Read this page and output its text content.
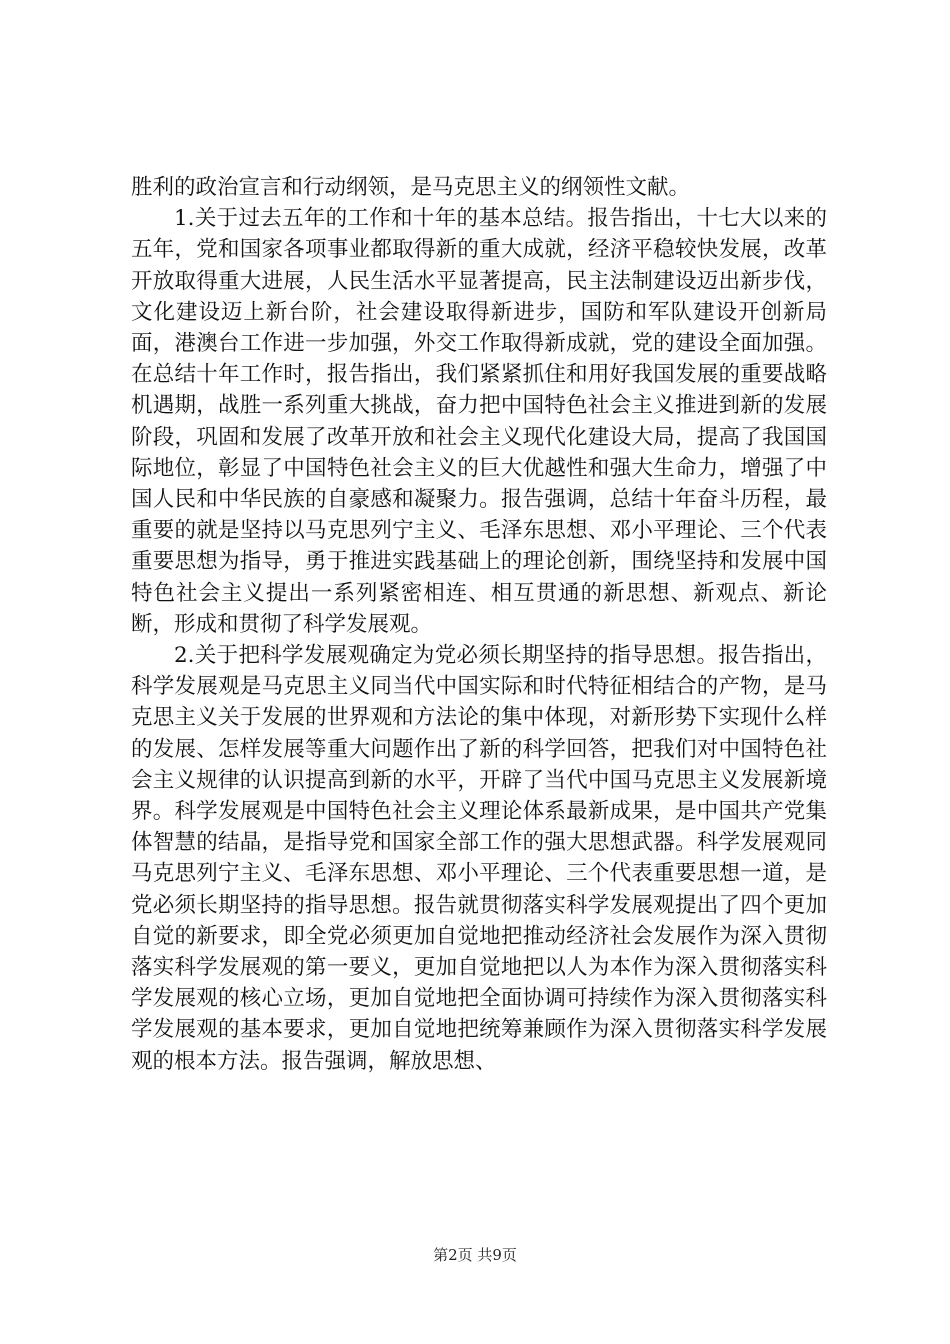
胜利的政治宣言和行动纲领，是马克思主义的纲领性文献。

1.关于过去五年的工作和十年的基本总结。报告指出，十七大以来的五年，党和国家各项事业都取得新的重大成就，经济平稳较快发展，改革开放取得重大进展，人民生活水平显著提高，民主法制建设迈出新步伐，文化建设迈上新台阶，社会建设取得新进步，国防和军队建设开创新局面，港澳台工作进一步加强，外交工作取得新成就，党的建设全面加强。在总结十年工作时，报告指出，我们紧紧抓住和用好我国发展的重要战略机遇期，战胜一系列重大挑战，奋力把中国特色社会主义推进到新的发展阶段，巩固和发展了改革开放和社会主义现代化建设大局，提高了我国国际地位，彰显了中国特色社会主义的巨大优越性和强大生命力，增强了中国人民和中华民族的自豪感和凝聚力。报告强调，总结十年奋斗历程，最重要的就是坚持以马克思列宁主义、毛泽东思想、邓小平理论、三个代表重要思想为指导，勇于推进实践基础上的理论创新，围绕坚持和发展中国特色社会主义提出一系列紧密相连、相互贯通的新思想、新观点、新论断，形成和贯彻了科学发展观。

2.关于把科学发展观确定为党必须长期坚持的指导思想。报告指出，科学发展观是马克思主义同当代中国实际和时代特征相结合的产物，是马克思主义关于发展的世界观和方法论的集中体现，对新形势下实现什么样的发展、怎样发展等重大问题作出了新的科学回答，把我们对中国特色社会主义规律的认识提高到新的水平，开辟了当代中国马克思主义发展新境界。科学发展观是中国特色社会主义理论体系最新成果，是中国共产党集体智慧的结晶，是指导党和国家全部工作的强大思想武器。科学发展观同马克思列宁主义、毛泽东思想、邓小平理论、三个代表重要思想一道，是党必须长期坚持的指导思想。报告就贯彻落实科学发展观提出了四个更加自觉的新要求，即全党必须更加自觉地把推动经济社会发展作为深入贯彻落实科学发展观的第一要义，更加自觉地把以人为本作为深入贯彻落实科学发展观的核心立场，更加自觉地把全面协调可持续作为深入贯彻落实科学发展观的基本要求，更加自觉地把统筹兼顾作为深入贯彻落实科学发展观的根本方法。报告强调，解放思想、

第2页 共9页
